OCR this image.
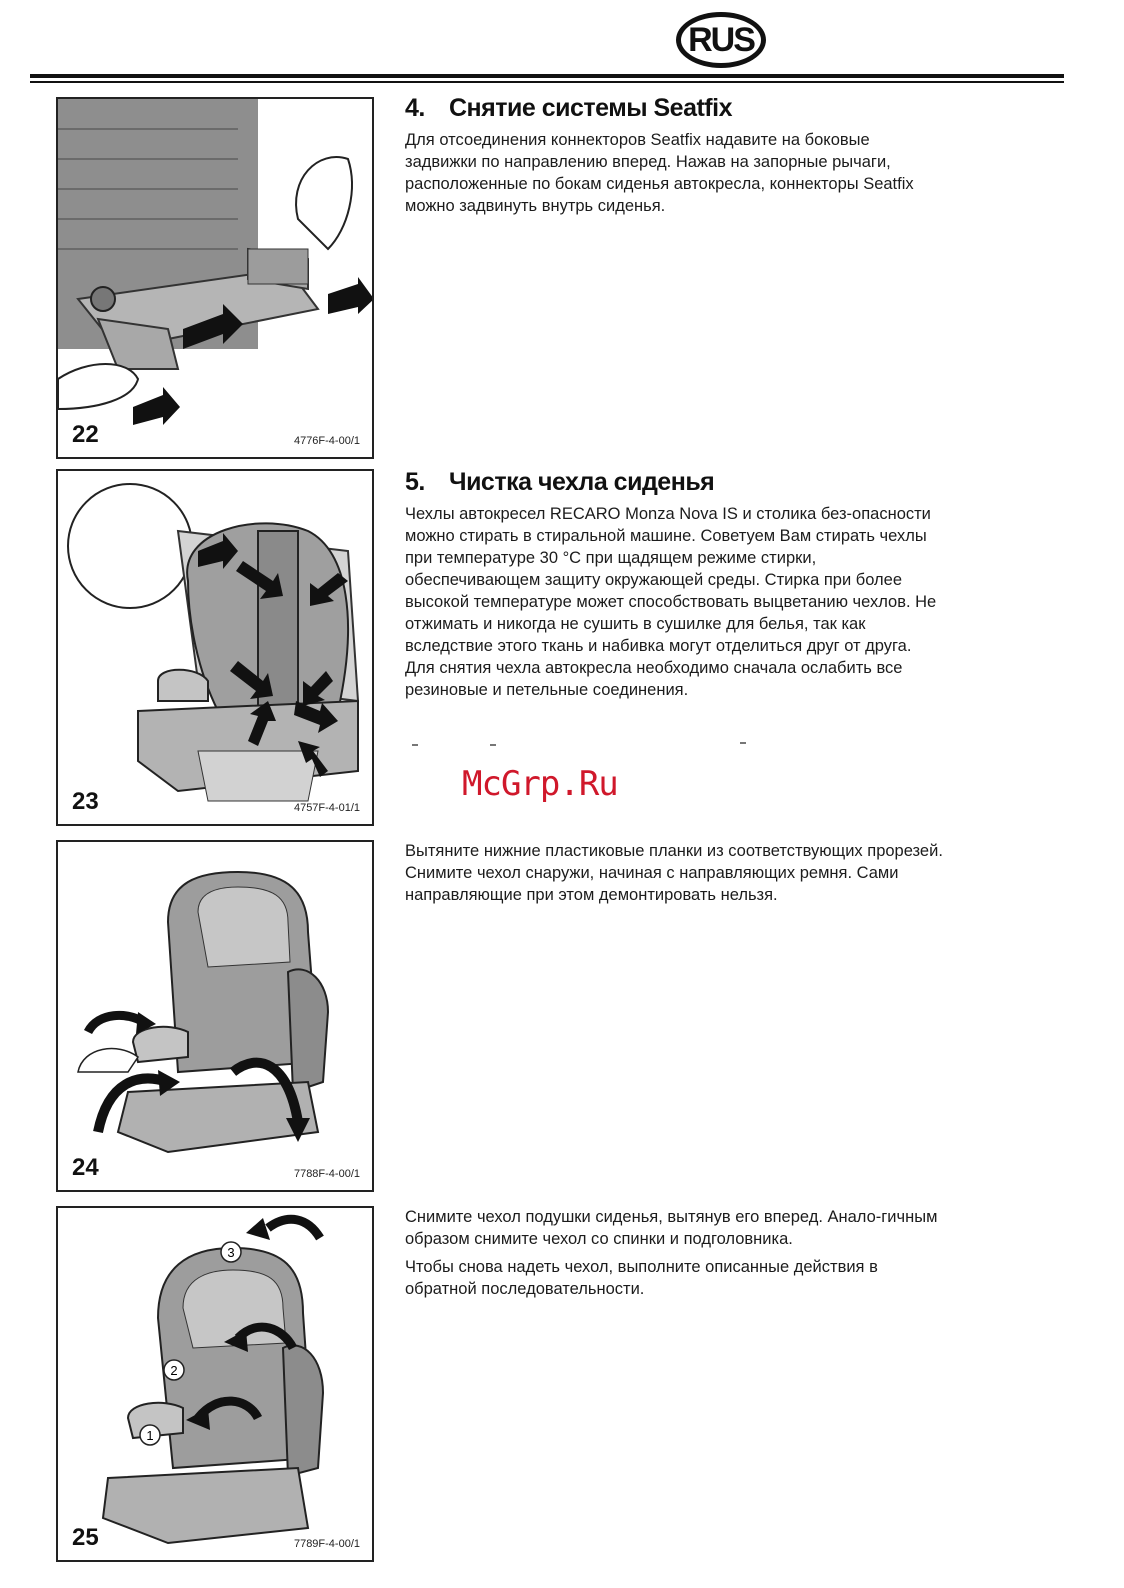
RUS
22	4776F-4-00/1
23	4757F-4-01/1
24	7788F-4-00/1
1
2
3
25	7789F-4-00/1
4. Снятие системы Seatfix

Для отсоединения коннекторов Seatfix надавите на боковые задвижки по направлению вперед. Нажав на запорные рычаги, расположенные по бокам сиденья автокресла, коннекторы Seatfix можно задвинуть внутрь сиденья.

5. Чистка чехла сиденья

Чехлы автокресел RECARO Monza Nova IS и столика без-опасности можно стирать в стиральной машине. Советуем Вам стирать чехлы при температуре 30 °C при щадящем режиме стирки, обеспечивающем защиту окружающей среды. Стирка при более высокой температуре может способствовать выцветанию чехлов. Не отжимать и никогда не сушить в сушилке для белья, так как вследствие этого ткань и набивка могут отделиться друг от друга. Для снятия чехла автокресла необходимо сначала ослабить все резиновые и петельные соединения.

Вытяните нижние пластиковые планки из соответствующих прорезей. Снимите чехол снаружи, начиная с направляющих ремня. Сами направляющие при этом демонтировать нельзя.

Снимите чехол подушки сиденья, вытянув его вперед. Анало-гичным образом снимите чехол со спинки и подголовника.

Чтобы снова надеть чехол, выполните описанные действия в обратной последовательности.

McGrp.Ru
